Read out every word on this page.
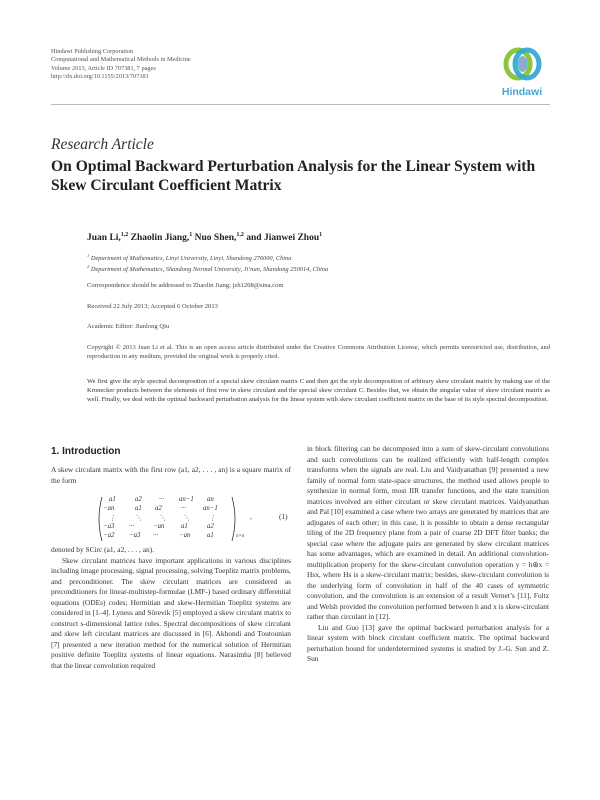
Hindawi Publishing Corporation
Computational and Mathematical Methods in Medicine
Volume 2013, Article ID 707381, 7 pages
http://dx.doi.org/10.1155/2013/707381
Hindawi
Research Article
On Optimal Backward Perturbation Analysis for the Linear System with Skew Circulant Coefficient Matrix
Juan Li,$^{1,2}$ Zhaolin Jiang,$^1$ Nuo Shen,$^{1,2}$ and Jianwei Zhou$^1$
$^1$ Department of Mathematics, Linyi University, Linyi, Shandong 276000, China
$^2$ Department of Mathematics, Shandong Normal University, Ji’nan, Shandong 250014, China
Correspondence should be addressed to Zhaolin Jiang; jzh1208@sina.com
Received 22 July 2013; Accepted 6 October 2013
Academic Editor: Jianlong Qiu
Copyright © 2013 Juan Li et al. This is an open access article distributed under the Creative Commons Attribution License, which permits unrestricted use, distribution, and reproduction in any medium, provided the original work is properly cited.
We first give the style spectral decomposition of a special skew circulant matrix C and then get the style decomposition of arbitrary skew circulant matrix by making use of the Kronecker products between the elements of first row in skew circulant and the special skew circulant C. Besides that, we obtain the singular value of skew circulant matrix as well. Finally, we deal with the optimal backward perturbation analysis for the linear system with skew circulant coefficient matrix on the base of its style spectral decomposition.
1. Introduction
A skew circulant matrix with the first row (a1, a2, . . . , an) is a square matrix of the form
a1	a2	··· an−1 an
−an	a1 a2	··· an−1
⋮	⋱	⋱	⋱	⋮
−a3 ···	−an a1	a2
−a2 −a3 ···	−an a1	n×n
,	(1)
denoted by SCirc (a1, a2, . . . , an).
Skew circulant matrices have important applications in various disciplines including image processing, signal processing, solving Toeplitz matrix problems, and preconditioner. The skew circulant matrices are considered as preconditioners for linear-multistep-formulae (LMF-) based ordinary differential equations (ODEs) codes; Hermitian and skew-Hermitian Toeplitz systems are considered in [1–4]. Lyness and Sörevik [5] employed a skew circulant matrix to construct s-dimensional lattice rules. Spectral decompositions of skew circulant and skew left circulant matrices are discussed in [6]. Akhondi and Toutounian [7] presented a new iteration method for the numerical solution of Hermitian positive definite Toeplitz systems of linear equations. Narasimha [8] believed that the linear convolution required
in block filtering can be decomposed into a sum of skew-circulant convolutions and such convolutions can be realized efficiently with half-length complex transforms when the signals are real. Liu and Vaidyanathan [9] presented a new family of normal form state-space structures, the method used allows people to synthesize in normal form, most IIR transfer functions, and the state transition matrices involved are either circulant or skew circulant matrices. Vaidyanathan and Pal [10] examined a case where two arrays are generated by matrices that are adjugates of each other; in this case, it is possible to obtain a dense rectangular tiling of the 2D frequency plane from a pair of coarse 2D DFT filter banks; the special case where the adjugate pairs are generated by skew circulant matrices has some advantages, which are examined in detail. An additional convolution-multiplication property for the skew-circulant convolution operation y = h⊛x = Hsx, where Hs is a skew-circulant matrix; besides, skew-circulant convolution is the underlying form of convolution in half of the 40 cases of symmetric convolution, and the convolution is an extension of a result Vernet’s [11], Foltz and Welsh provided the convolution performed between h and x is skew-circulant rather than circulant in [12].
Liu and Guo [13] gave the optimal backward perturbation analysis for a linear system with block circulant coefficient matrix. The optimal backward perturbation bound for underdetermined systems is studied by J.-G. Sun and Z. Sun
